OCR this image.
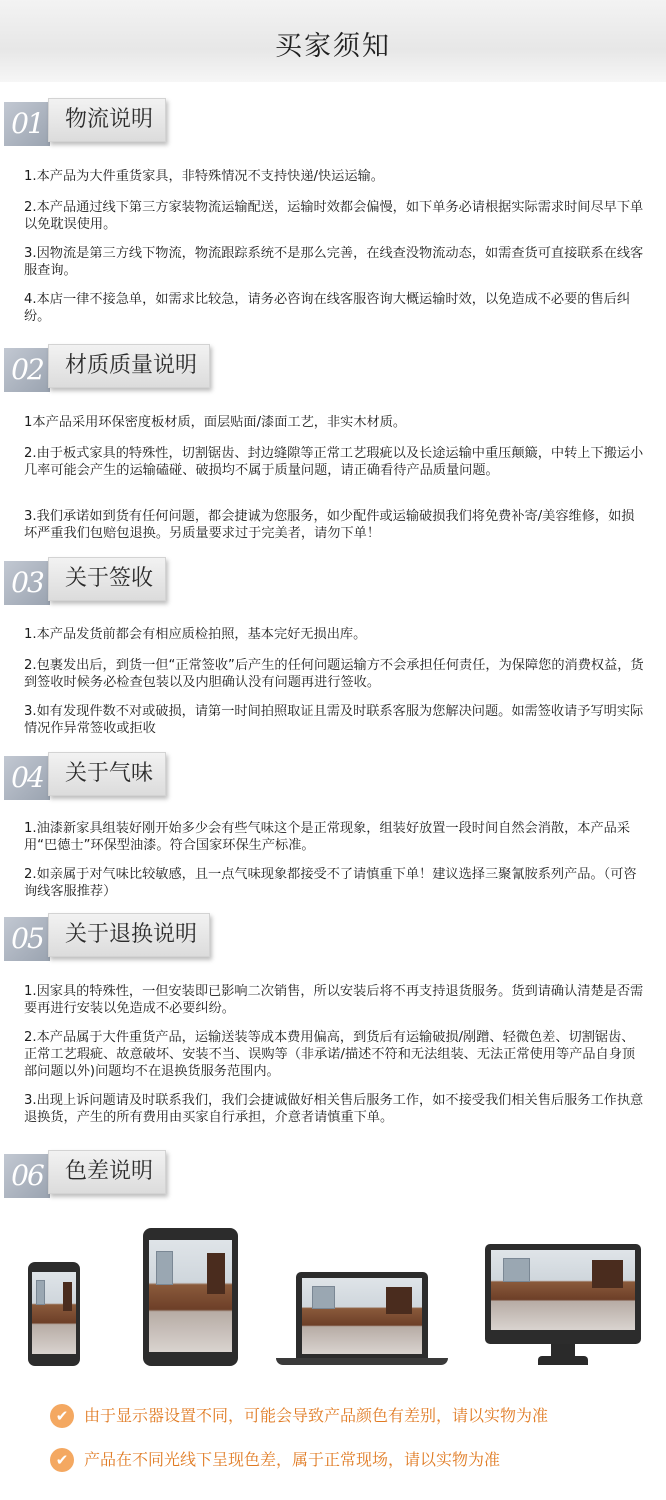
买家须知
01	物流说明
1.本产品为大件重货家具，非特殊情况不支持快递/快运运输。
2.本产品通过线下第三方家装物流运输配送，运输时效都会偏慢，如下单务必请根据实际需求时间尽早下单以免耽误使用。
3.因物流是第三方线下物流，物流跟踪系统不是那么完善，在线查没物流动态，如需查货可直接联系在线客服查询。
4.本店一律不接急单，如需求比较急，请务必咨询在线客服咨询大概运输时效，以免造成不必要的售后纠纷。
02	材质质量说明
1本产品采用环保密度板材质，面层贴面/漆面工艺，非实木材质。
2.由于板式家具的特殊性，切割锯齿、封边缝隙等正常工艺瑕疵以及长途运输中重压颠簸，中转上下搬运小几率可能会产生的运输磕碰、破损均不属于质量问题，请正确看待产品质量问题。
3.我们承诺如到货有任何问题，都会捷诚为您服务，如少配件或运输破损我们将免费补寄/美容维修，如损坏严重我们包赔包退换。另质量要求过于完美者，请勿下单！
03	关于签收
1.本产品发货前都会有相应质检拍照，基本完好无损出库。
2.包裹发出后，到货一但“正常签收”后产生的任何问题运输方不会承担任何责任，为保障您的消费权益，货到签收时候务必检查包装以及内胆确认没有问题再进行签收。
3.如有发现件数不对或破损，请第一时间拍照取证且需及时联系客服为您解决问题。如需签收请予写明实际情况作异常签收或拒收
04	关于气味
1.油漆新家具组装好刚开始多少会有些气味这个是正常现象，组装好放置一段时间自然会消散，本产品采用“巴德士”环保型油漆。符合国家环保生产标准。
2.如亲属于对气味比较敏感，且一点气味现象都接受不了请慎重下单！建议选择三聚氰胺系列产品。（可咨询线客服推荐）
05	关于退换说明
1.因家具的特殊性，一但安装即已影响二次销售，所以安装后将不再支持退货服务。货到请确认清楚是否需要再进行安装以免造成不必要纠纷。
2.本产品属于大件重货产品，运输送装等成本费用偏高，到货后有运输破损/剐蹭、轻微色差、切割锯齿、正常工艺瑕疵、故意破坏、安装不当、误购等（非承诺/描述不符和无法组装、无法正常使用等产品自身顶部问题以外)问题均不在退换货服务范围内。
3.出现上诉问题请及时联系我们，我们会捷诚做好相关售后服务工作，如不接受我们相关售后服务工作执意退换货，产生的所有费用由买家自行承担，介意者请慎重下单。
06	色差说明
✔ 由于显示器设置不同，可能会导致产品颜色有差别，请以实物为准
✔ 产品在不同光线下呈现色差，属于正常现场，请以实物为准
